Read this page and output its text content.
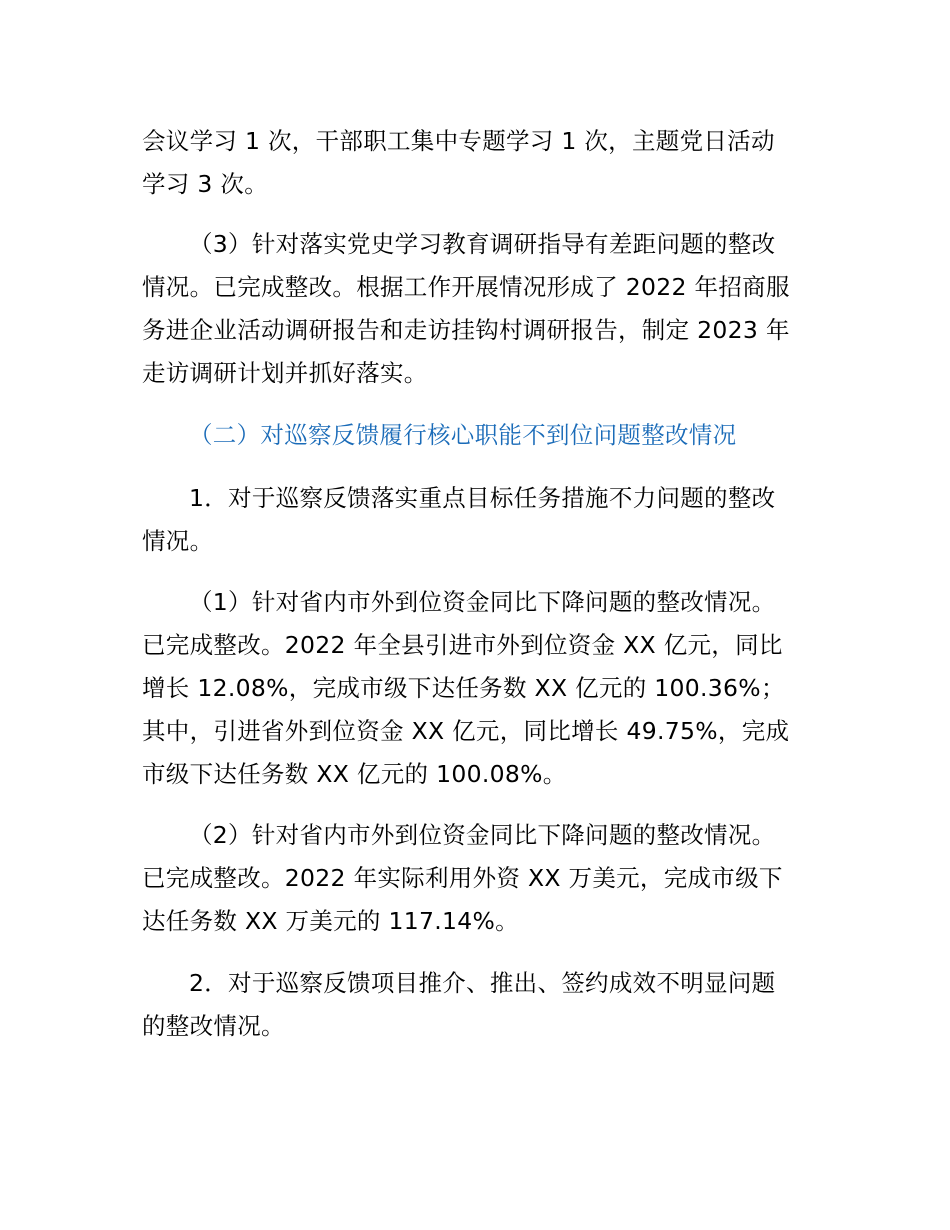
会议学习 1 次，干部职工集中专题学习 1 次，主题党日活动
学习 3 次。

（3）针对落实党史学习教育调研指导有差距问题的整改
情况。已完成整改。根据工作开展情况形成了 2022 年招商服
务进企业活动调研报告和走访挂钩村调研报告，制定 2023 年
走访调研计划并抓好落实。

（二）对巡察反馈履行核心职能不到位问题整改情况

1．对于巡察反馈落实重点目标任务措施不力问题的整改
情况。

（1）针对省内市外到位资金同比下降问题的整改情况。
已完成整改。2022 年全县引进市外到位资金 XX 亿元，同比
增长 12.08%，完成市级下达任务数 XX 亿元的 100.36%；
其中，引进省外到位资金 XX 亿元，同比增长 49.75%，完成
市级下达任务数 XX 亿元的 100.08%。

（2）针对省内市外到位资金同比下降问题的整改情况。
已完成整改。2022 年实际利用外资 XX 万美元，完成市级下
达任务数 XX 万美元的 117.14%。

2．对于巡察反馈项目推介、推出、签约成效不明显问题
的整改情况。
